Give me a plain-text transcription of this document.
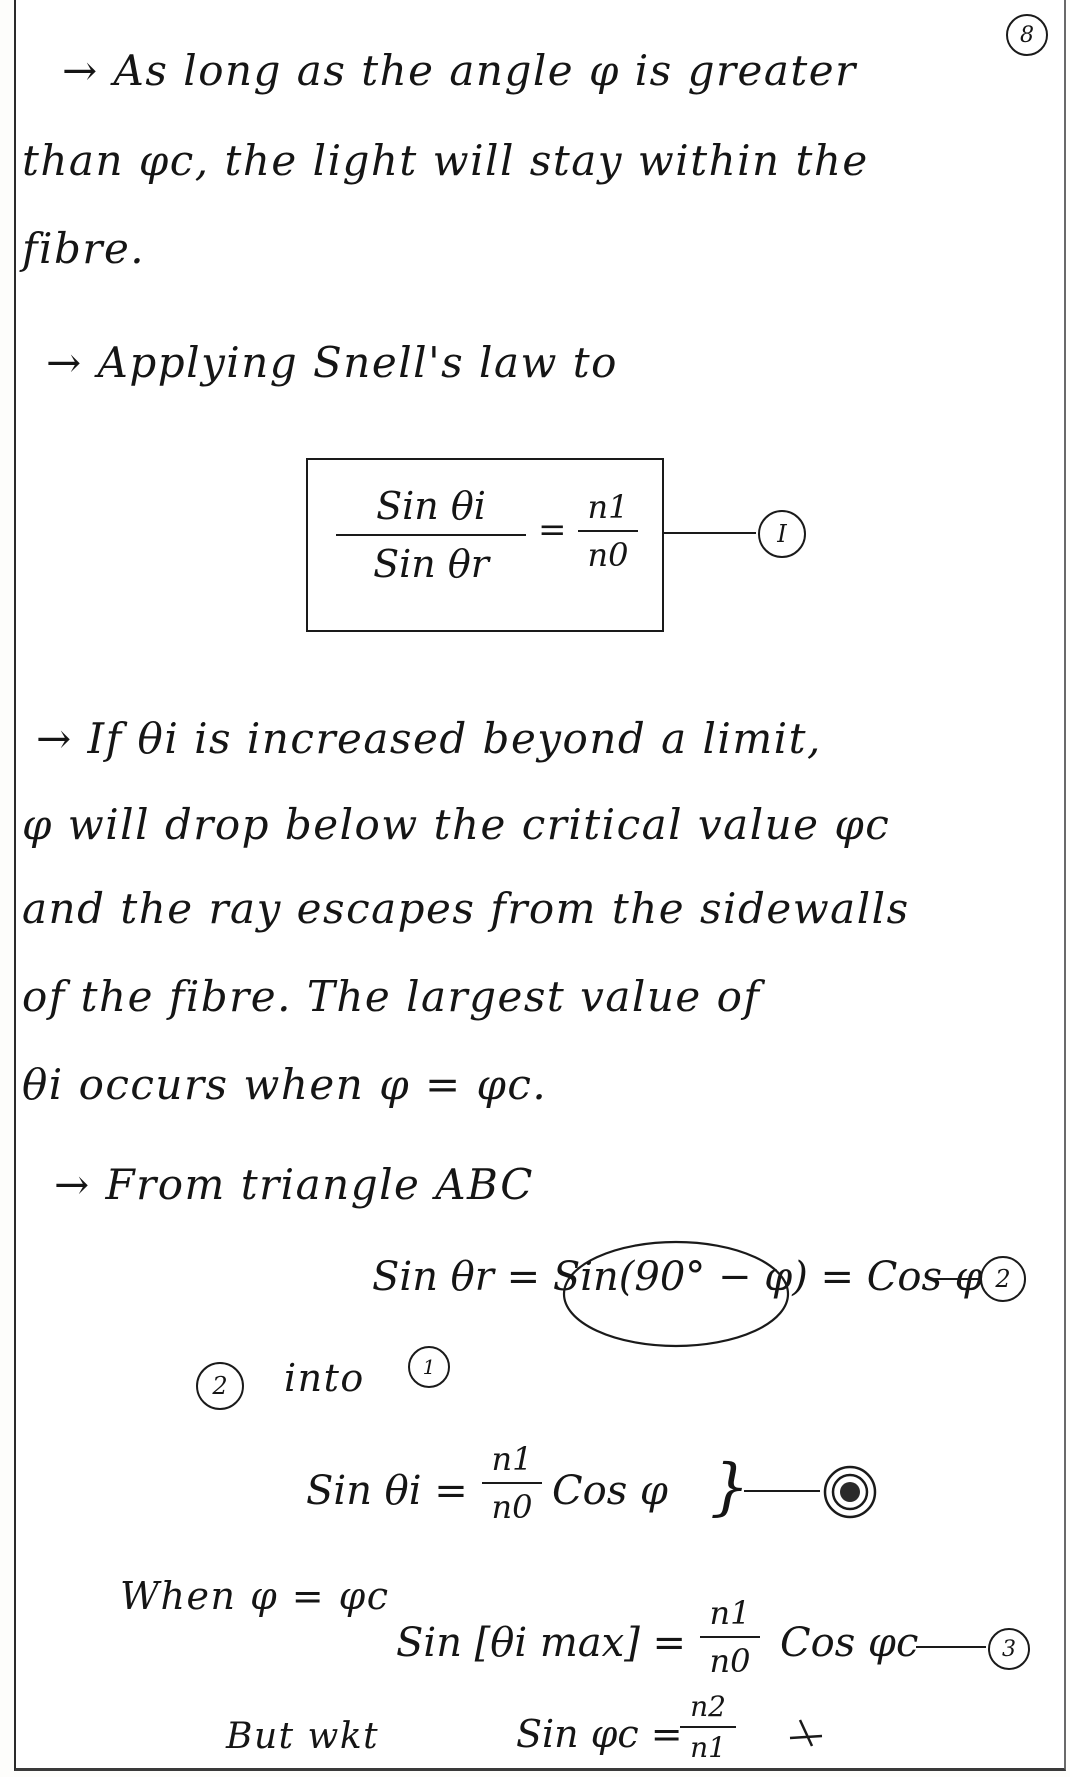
8
→ As long as the angle φ is greater
than φc, the light will stay within the
fibre.
→ Applying Snell's law to
Sin θi
Sin θr
=
n1
n0
I
→ If θi is increased beyond a limit,
φ will drop below the critical value φc
and the ray escapes from the sidewalls
of the fibre. The largest value of
θi occurs when φ = φc.
→ From triangle ABC
Sin θr = Sin(90° − φ) = Cos φ 2
2 into	1
Sin θi =
n1
n0 Cos φ }
When φ = φc
Sin [θi max] =
n1
n0 Cos φc	3
But wkt	Sin φc =
n2
n1
